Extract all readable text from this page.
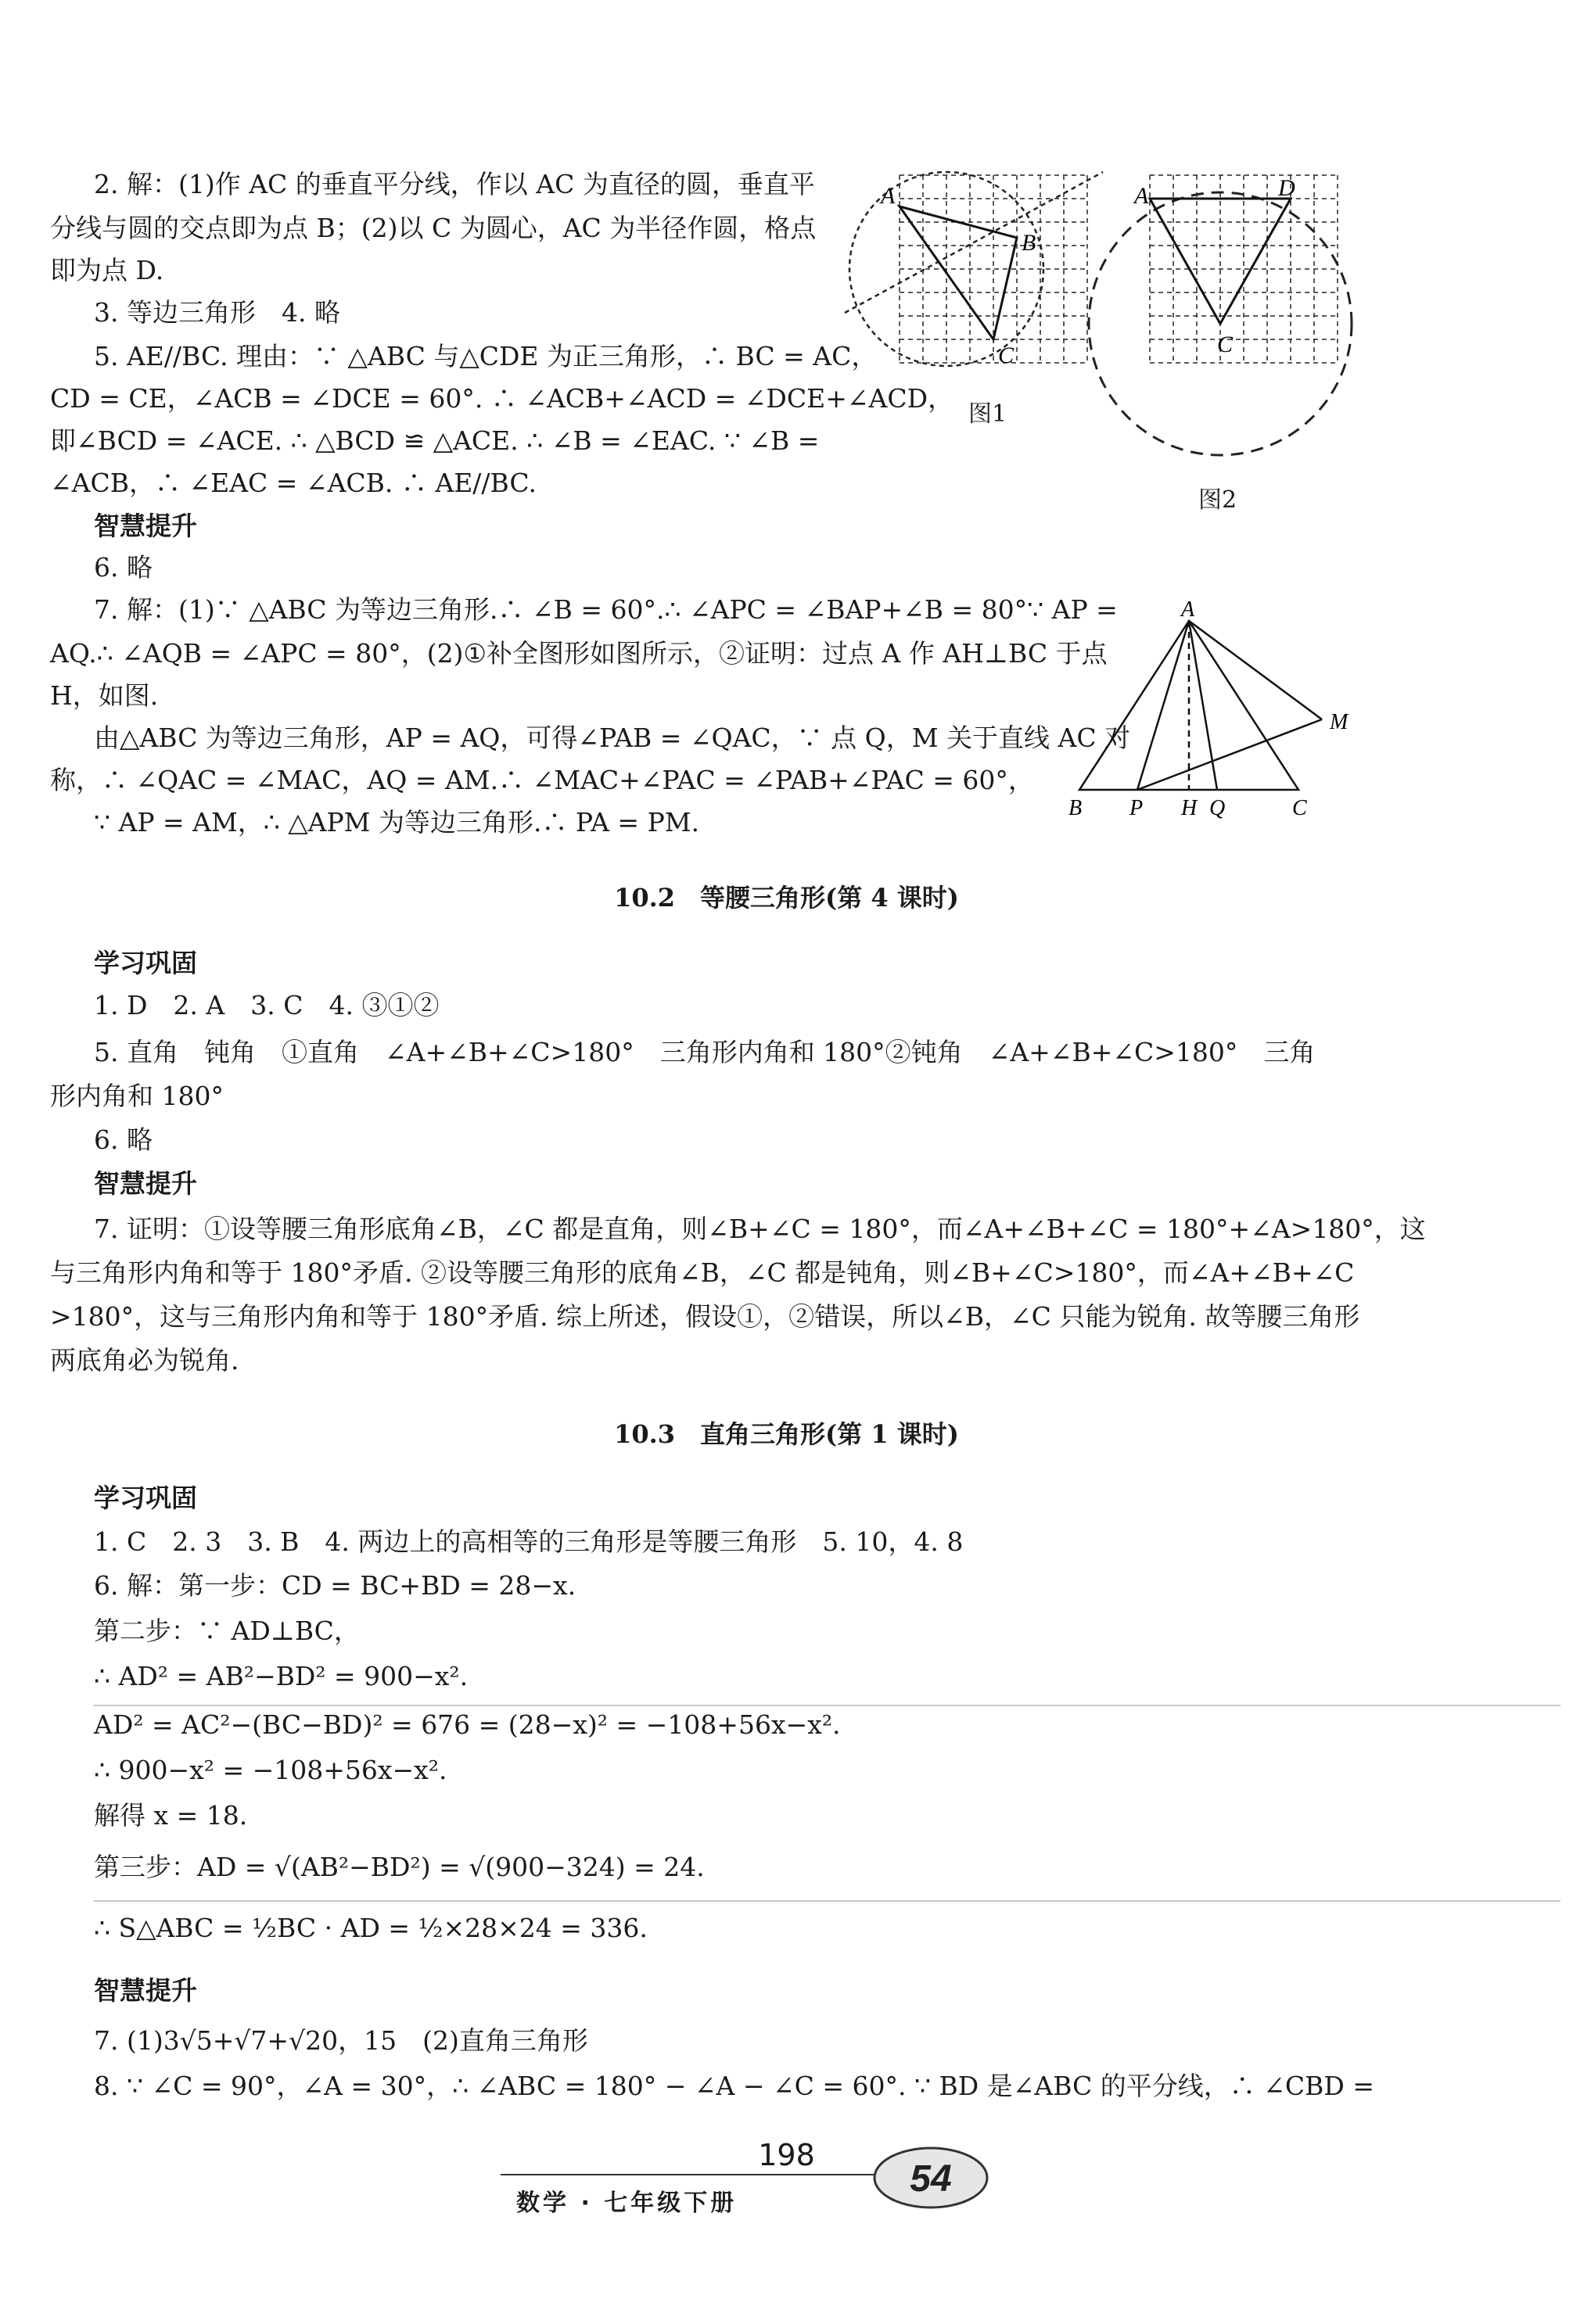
2. 解：(1)作 AC 的垂直平分线，作以 AC 为直径的圆，垂直平
分线与圆的交点即为点 B；(2)以 C 为圆心，AC 为半径作圆，格点
即为点 D.
3. 等边三角形　4. 略
5. AE//BC. 理由：∵ △ABC 与△CDE 为正三角形，∴ BC = AC，
CD = CE，∠ACB = ∠DCE = 60°. ∴ ∠ACB+∠ACD = ∠DCE+∠ACD，
即∠BCD = ∠ACE. ∴ △BCD ≌ △ACE. ∴ ∠B = ∠EAC. ∵ ∠B =
∠ACB，∴ ∠EAC = ∠ACB. ∴ AE//BC.
智慧提升
6. 略
7. 解：(1)∵ △ABC 为等边三角形.∴ ∠B = 60°.∴ ∠APC = ∠BAP+∠B = 80°∵ AP =
AQ.∴ ∠AQB = ∠APC = 80°，(2)①补全图形如图所示，②证明：过点 A 作 AH⊥BC 于点
H，如图.
由△ABC 为等边三角形，AP = AQ，可得∠PAB = ∠QAC，∵ 点 Q，M 关于直线 AC 对
称，∴ ∠QAC = ∠MAC，AQ = AM.∴ ∠MAC+∠PAC = ∠PAB+∠PAC = 60°，
∵ AP = AM，∴ △APM 为等边三角形.∴ PA = PM.
10.2　等腰三角形(第 4 课时)
学习巩固
1. D　2. A　3. C　4. ③①②
5. 直角　钝角　①直角　∠A+∠B+∠C>180°　三角形内角和 180°②钝角　∠A+∠B+∠C>180°　三角
形内角和 180°
6. 略
智慧提升
7. 证明：①设等腰三角形底角∠B，∠C 都是直角，则∠B+∠C = 180°，而∠A+∠B+∠C = 180°+∠A>180°，这
与三角形内角和等于 180°矛盾. ②设等腰三角形的底角∠B，∠C 都是钝角，则∠B+∠C>180°，而∠A+∠B+∠C
>180°，这与三角形内角和等于 180°矛盾. 综上所述，假设①，②错误，所以∠B，∠C 只能为锐角. 故等腰三角形
两底角必为锐角.
10.3　直角三角形(第 1 课时)
学习巩固
1. C　2. 3　3. B　4. 两边上的高相等的三角形是等腰三角形　5. 10，4. 8
6. 解：第一步：CD = BC+BD = 28−x.
第二步：∵ AD⊥BC，
∴ AD² = AB²−BD² = 900−x².
AD² = AC²−(BC−BD)² = 676 = (28−x)² = −108+56x−x².
∴ 900−x² = −108+56x−x².
解得 x = 18.
第三步：AD = √(AB²−BD²) = √(900−324) = 24.
∴ S△ABC = ½BC · AD = ½×28×24 = 336.
智慧提升
7. (1)3√5+√7+√20，15　(2)直角三角形
8. ∵ ∠C = 90°，∠A = 30°，∴ ∠ABC = 180° − ∠A − ∠C = 60°. ∵ BD 是∠ABC 的平分线，∴ ∠CBD =
A
B
C
图1
A	D
C
图2
A
M
B P H Q	C
198
数学 · 七年级下册
54
